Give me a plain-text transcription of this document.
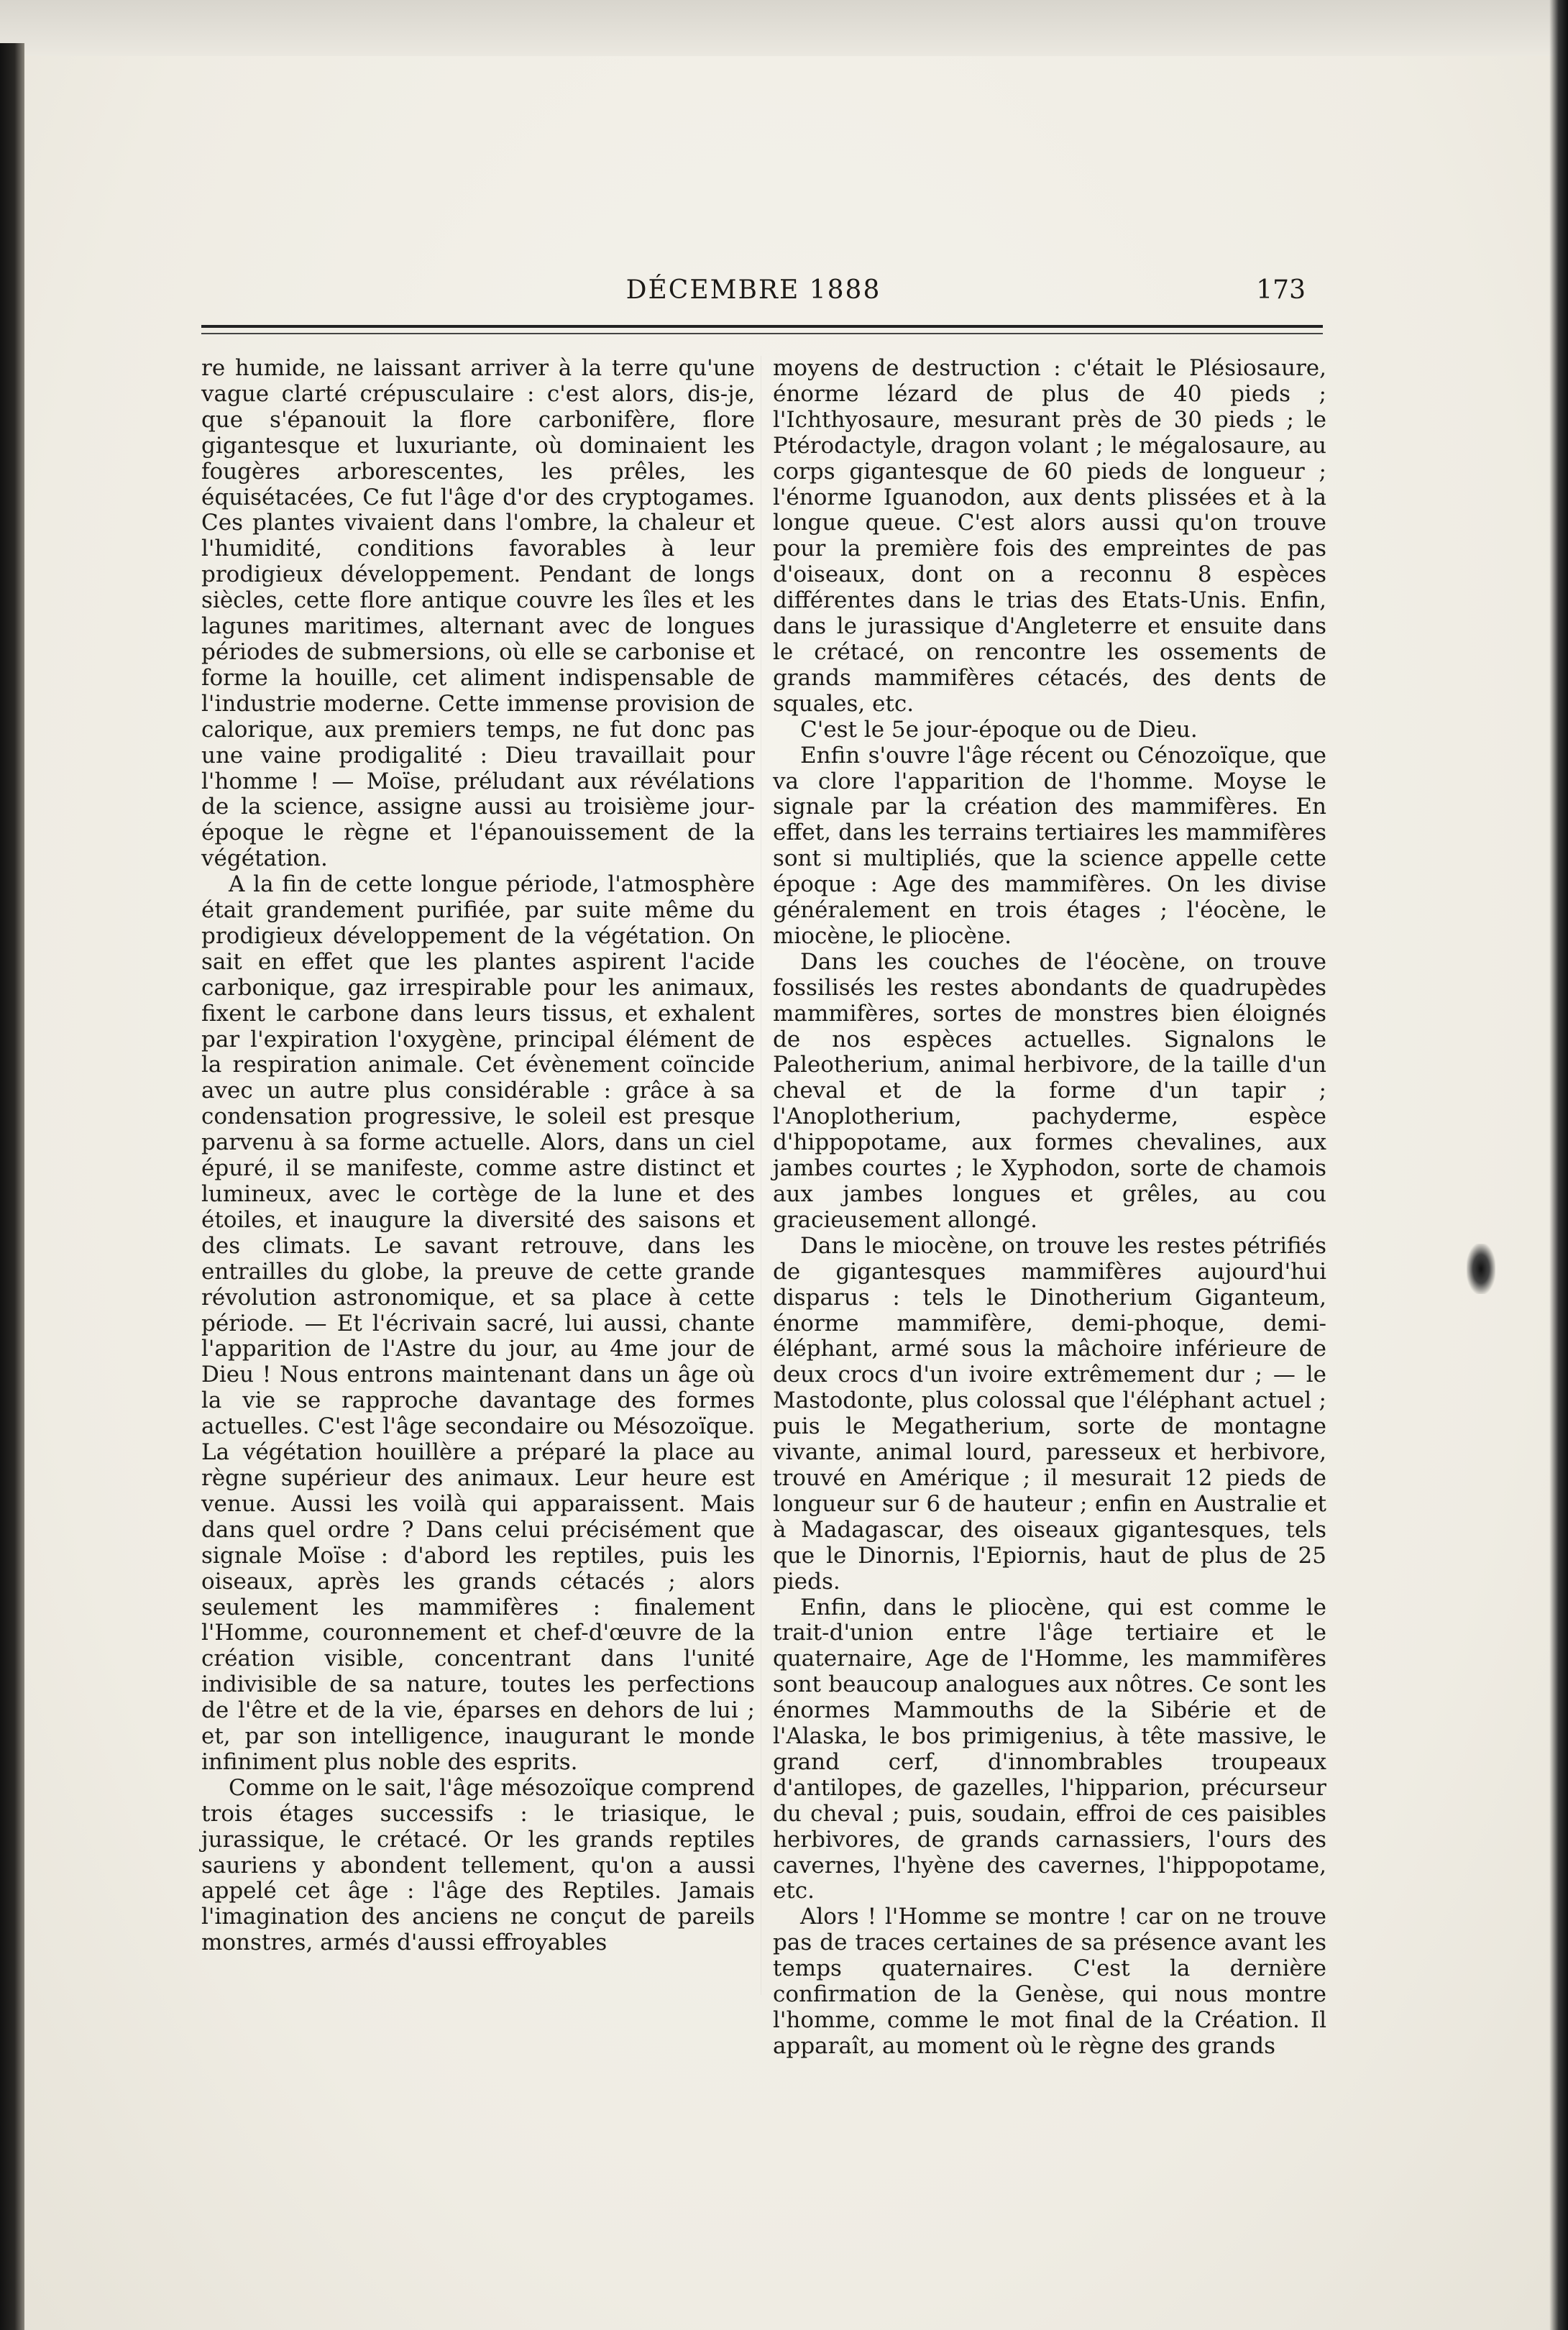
DÉCEMBRE 1888	173

re humide, ne laissant arriver à la terre qu'une vague clarté crépusculaire : c'est alors, dis-je, que s'épanouit la flore carbonifère, flore gigantesque et luxuriante, où dominaient les fougères arborescentes, les prêles, les équisétacées, Ce fut l'âge d'or des cryptogames. Ces plantes vivaient dans l'ombre, la chaleur et l'humidité, conditions favorables à leur prodigieux développement. Pendant de longs siècles, cette flore antique couvre les îles et les lagunes maritimes, alternant avec de longues périodes de submersions, où elle se carbonise et forme la houille, cet aliment indispensable de l'industrie moderne. Cette immense provision de calorique, aux premiers temps, ne fut donc pas une vaine prodigalité : Dieu travaillait pour l'homme ! — Moïse, préludant aux révélations de la science, assigne aussi au troisième jour-époque le règne et l'épanouissement de la végétation.

A la fin de cette longue période, l'atmosphère était grandement purifiée, par suite même du prodigieux développement de la végétation. On sait en effet que les plantes aspirent l'acide carbonique, gaz irrespirable pour les animaux, fixent le carbone dans leurs tissus, et exhalent par l'expiration l'oxygène, principal élément de la respiration animale. Cet évènement coïncide avec un autre plus considérable : grâce à sa condensation progressive, le soleil est presque parvenu à sa forme actuelle. Alors, dans un ciel épuré, il se manifeste, comme astre distinct et lumineux, avec le cortège de la lune et des étoiles, et inaugure la diversité des saisons et des climats. Le savant retrouve, dans les entrailles du globe, la preuve de cette grande révolution astronomique, et sa place à cette période. — Et l'écrivain sacré, lui aussi, chante l'apparition de l'Astre du jour, au 4me jour de Dieu ! Nous entrons maintenant dans un âge où la vie se rapproche davantage des formes actuelles. C'est l'âge secondaire ou Mésozoïque. La végétation houillère a préparé la place au règne supérieur des animaux. Leur heure est venue. Aussi les voilà qui apparaissent. Mais dans quel ordre ? Dans celui précisément que signale Moïse : d'abord les reptiles, puis les oiseaux, après les grands cétacés ; alors seulement les mammifères : finalement l'Homme, couronnement et chef-d'œuvre de la création visible, concentrant dans l'unité indivisible de sa nature, toutes les perfections de l'être et de la vie, éparses en dehors de lui ; et, par son intelligence, inaugurant le monde infiniment plus noble des esprits.

Comme on le sait, l'âge mésozoïque comprend trois étages successifs : le triasique, le jurassique, le crétacé. Or les grands reptiles sauriens y abondent tellement, qu'on a aussi appelé cet âge : l'âge des Reptiles. Jamais l'imagination des anciens ne conçut de pareils monstres, armés d'aussi effroyables

moyens de destruction : c'était le Plésiosaure, énorme lézard de plus de 40 pieds ; l'Ichthyosaure, mesurant près de 30 pieds ; le Ptérodactyle, dragon volant ; le mégalosaure, au corps gigantesque de 60 pieds de longueur ; l'énorme Iguanodon, aux dents plissées et à la longue queue. C'est alors aussi qu'on trouve pour la première fois des empreintes de pas d'oiseaux, dont on a reconnu 8 espèces différentes dans le trias des Etats-Unis. Enfin, dans le jurassique d'Angleterre et ensuite dans le crétacé, on rencontre les ossements de grands mammifères cétacés, des dents de squales, etc.

C'est le 5e jour-époque ou de Dieu.

Enfin s'ouvre l'âge récent ou Cénozoïque, que va clore l'apparition de l'homme. Moyse le signale par la création des mammifères. En effet, dans les terrains tertiaires les mammifères sont si multipliés, que la science appelle cette époque : Age des mammifères. On les divise généralement en trois étages ; l'éocène, le miocène, le pliocène.

Dans les couches de l'éocène, on trouve fossilisés les restes abondants de quadrupèdes mammifères, sortes de monstres bien éloignés de nos espèces actuelles. Signalons le Paleotherium, animal herbivore, de la taille d'un cheval et de la forme d'un tapir ; l'Anoplotherium, pachyderme, espèce d'hippopotame, aux formes chevalines, aux jambes courtes ; le Xyphodon, sorte de chamois aux jambes longues et grêles, au cou gracieusement allongé.

Dans le miocène, on trouve les restes pétrifiés de gigantesques mammifères aujourd'hui disparus : tels le Dinotherium Giganteum, énorme mammifère, demi-phoque, demi-éléphant, armé sous la mâchoire inférieure de deux crocs d'un ivoire extrêmement dur ; — le Mastodonte, plus colossal que l'éléphant actuel ; puis le Megatherium, sorte de montagne vivante, animal lourd, paresseux et herbivore, trouvé en Amérique ; il mesurait 12 pieds de longueur sur 6 de hauteur ; enfin en Australie et à Madagascar, des oiseaux gigantesques, tels que le Dinornis, l'Epiornis, haut de plus de 25 pieds.

Enfin, dans le pliocène, qui est comme le trait-d'union entre l'âge tertiaire et le quaternaire, Age de l'Homme, les mammifères sont beaucoup analogues aux nôtres. Ce sont les énormes Mammouths de la Sibérie et de l'Alaska, le bos primigenius, à tête massive, le grand cerf, d'innombrables troupeaux d'antilopes, de gazelles, l'hipparion, précurseur du cheval ; puis, soudain, effroi de ces paisibles herbivores, de grands carnassiers, l'ours des cavernes, l'hyène des cavernes, l'hippopotame, etc.

Alors ! l'Homme se montre ! car on ne trouve pas de traces certaines de sa présence avant les temps quaternaires. C'est la dernière confirmation de la Genèse, qui nous montre l'homme, comme le mot final de la Création. Il apparaît, au moment où le règne des grands
